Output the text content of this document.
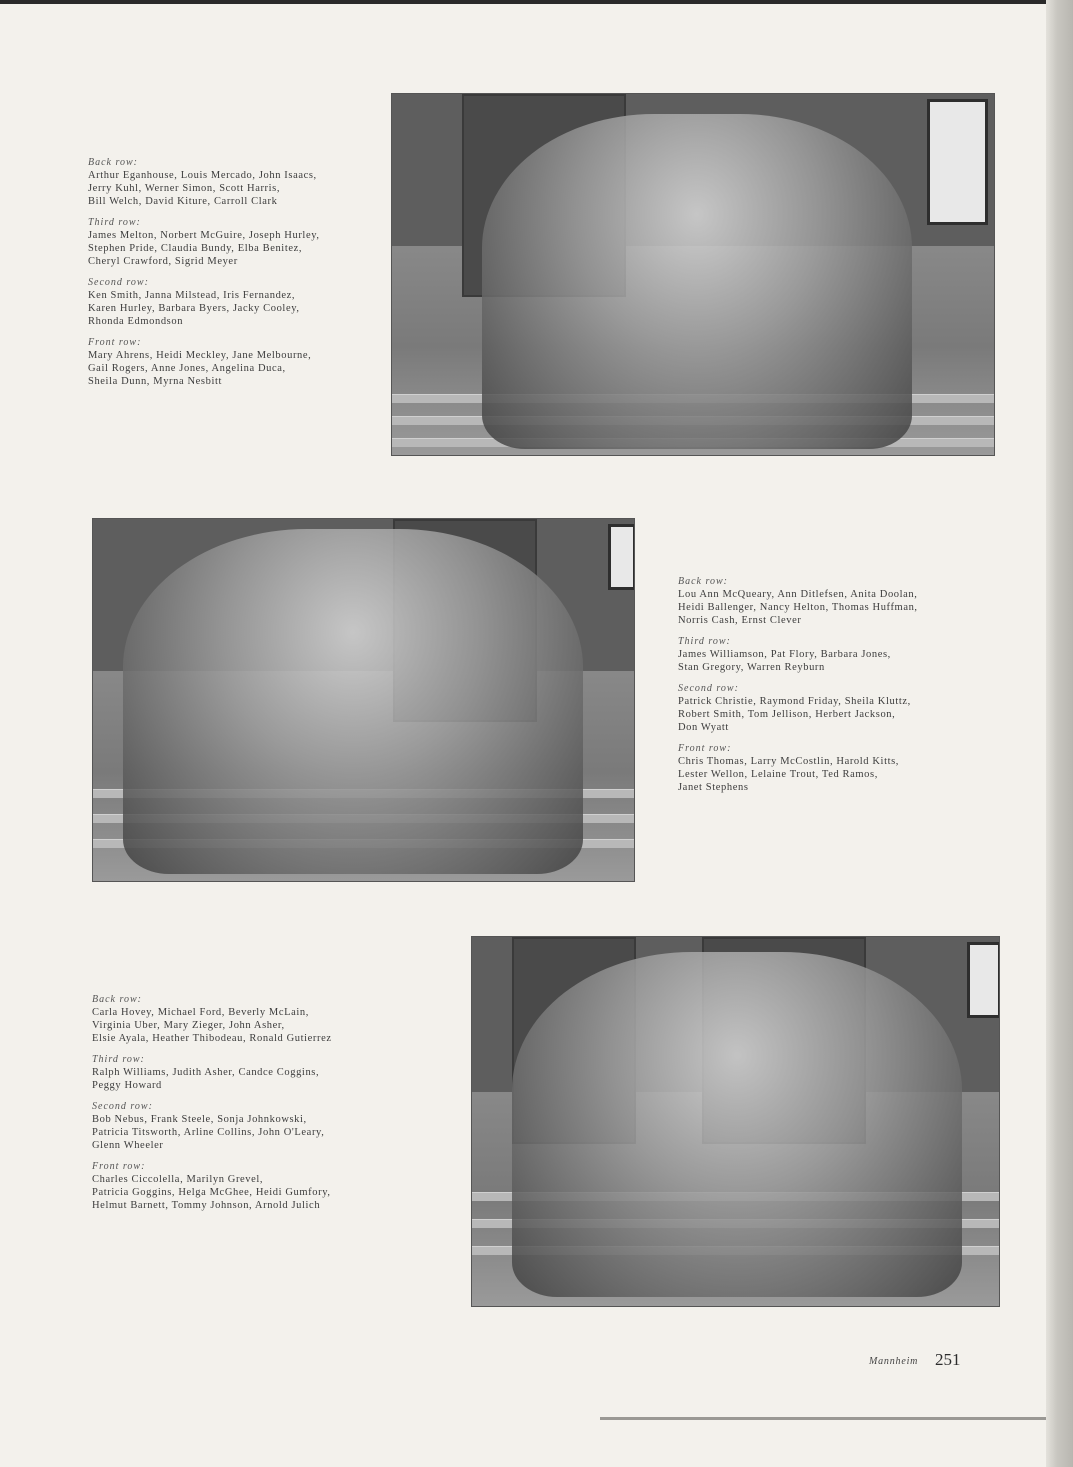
Back row:
Arthur Eganhouse, Louis Mercado, John Isaacs,
Jerry Kuhl, Werner Simon, Scott Harris,
Bill Welch, David Kiture, Carroll Clark
Third row:
James Melton, Norbert McGuire, Joseph Hurley,
Stephen Pride, Claudia Bundy, Elba Benitez,
Cheryl Crawford, Sigrid Meyer
Second row:
Ken Smith, Janna Milstead, Iris Fernandez,
Karen Hurley, Barbara Byers, Jacky Cooley,
Rhonda Edmondson
Front row:
Mary Ahrens, Heidi Meckley, Jane Melbourne,
Gail Rogers, Anne Jones, Angelina Duca,
Sheila Dunn, Myrna Nesbitt
Back row:
Lou Ann McQueary, Ann Ditlefsen, Anita Doolan,
Heidi Ballenger, Nancy Helton, Thomas Huffman,
Norris Cash, Ernst Clever
Third row:
James Williamson, Pat Flory, Barbara Jones,
Stan Gregory, Warren Reyburn
Second row:
Patrick Christie, Raymond Friday, Sheila Kluttz,
Robert Smith, Tom Jellison, Herbert Jackson,
Don Wyatt
Front row:
Chris Thomas, Larry McCostlin, Harold Kitts,
Lester Wellon, Lelaine Trout, Ted Ramos,
Janet Stephens
Back row:
Carla Hovey, Michael Ford, Beverly McLain,
Virginia Uber, Mary Zieger, John Asher,
Elsie Ayala, Heather Thibodeau, Ronald Gutierrez
Third row:
Ralph Williams, Judith Asher, Candce Coggins,
Peggy Howard
Second row:
Bob Nebus, Frank Steele, Sonja Johnkowski,
Patricia Titsworth, Arline Collins, John O'Leary,
Glenn Wheeler
Front row:
Charles Ciccolella, Marilyn Grevel,
Patricia Goggins, Helga McGhee, Heidi Gumfory,
Helmut Barnett, Tommy Johnson, Arnold Julich
Mannheim 251
